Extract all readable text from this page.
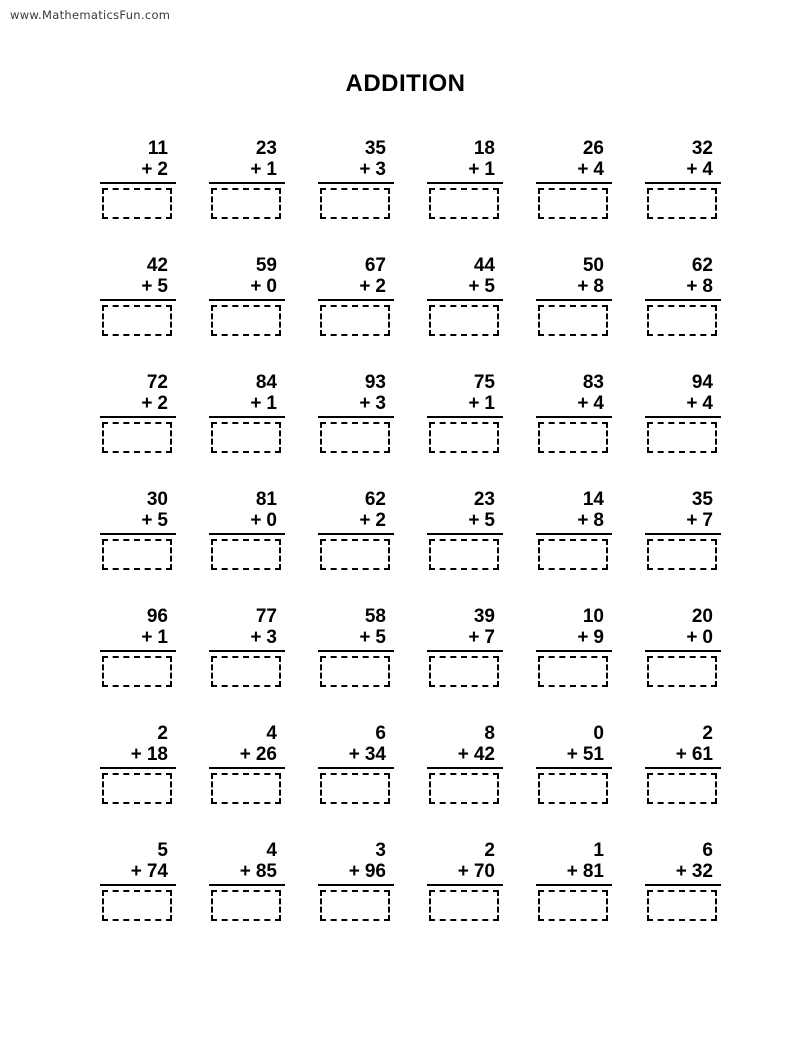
www.MathematicsFun.com
ADDITION
11
+ 2
23
+ 1
35
+ 3
18
+ 1
26
+ 4
32
+ 4
42
+ 5
59
+ 0
67
+ 2
44
+ 5
50
+ 8
62
+ 8
72
+ 2
84
+ 1
93
+ 3
75
+ 1
83
+ 4
94
+ 4
30
+ 5
81
+ 0
62
+ 2
23
+ 5
14
+ 8
35
+ 7
96
+ 1
77
+ 3
58
+ 5
39
+ 7
10
+ 9
20
+ 0
2
+ 18
4
+ 26
6
+ 34
8
+ 42
0
+ 51
2
+ 61
5
+ 74
4
+ 85
3
+ 96
2
+ 70
1
+ 81
6
+ 32
